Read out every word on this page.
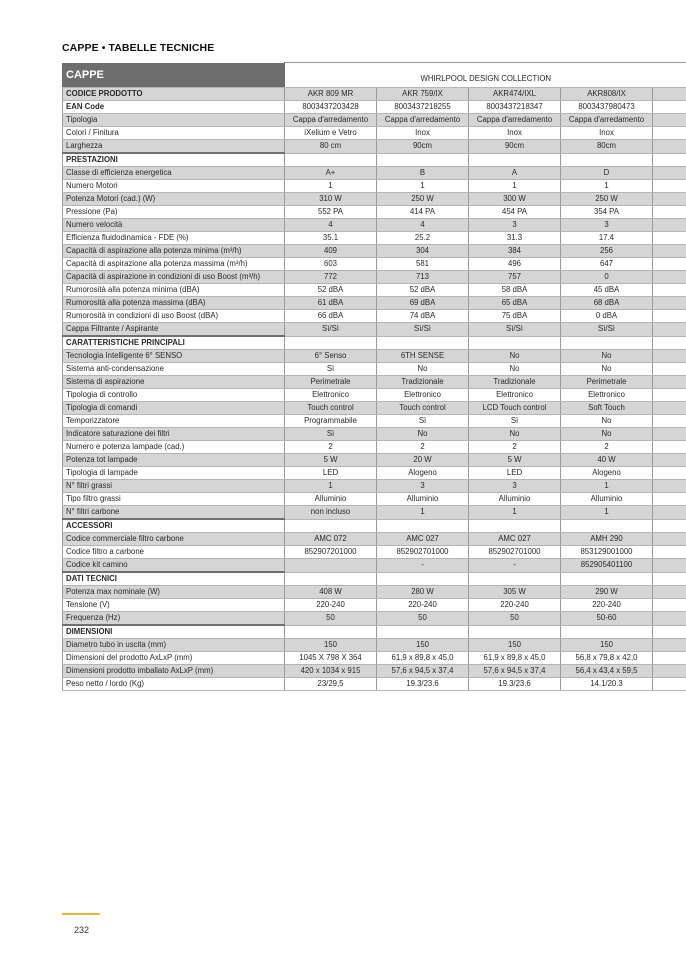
CAPPE • TABELLE TECNICHE
CAPPE	WHIRLPOOL DESIGN COLLECTION				
CODICE PRODOTTO	AKR 809 MR	AKR 759/IX	AKR474/IXL	AKR808/IX	
EAN Code	8003437203428	8003437218255	8003437218347	8003437980473	
Tipologia	Cappa d'arredamento	Cappa d'arredamento	Cappa d'arredamento	Cappa d'arredamento	
Colori / Finitura	iXelium e Vetro	Inox	Inox	Inox	
Larghezza	80 cm	90cm	90cm	80cm	
PRESTAZIONI					
Classe di efficienza energetica	A+	B	A	D	
Numero Motori	1	1	1	1	
Potenza Motori (cad.) (W)	310 W	250 W	300 W	250 W	
Pressione (Pa)	552 PA	414 PA	454 PA	354 PA	
Numero velocità	4	4	3	3	
Efficienza fluidodinamica - FDE (%)	35.1	25.2	31.3	17.4	
Capacità di aspirazione alla potenza minima (m³/h)	409	304	384	256	
Capacità di aspirazione alla potenza massima (m³/h)	603	581	496	647	
Capacità di aspirazione in condizioni di uso Boost (m³/h)	772	713	757	0	
Rumorosità alla potenza minima (dBA)	52 dBA	52 dBA	58 dBA	45 dBA	
Rumorosità alla potenza massima (dBA)	61 dBA	69 dBA	65 dBA	68 dBA	
Rumorosità in condizioni di uso Boost (dBA)	66 dBA	74 dBA	75 dBA	0 dBA	
Cappa Filtrante / Aspirante	Sì/Sì	Sì/Sì	Sì/Sì	Sì/Sì	
CARATTERISTICHE PRINCIPALI					
Tecnologia Intelligente 6° SENSO	6° Senso	6TH SENSE	No	No	
Sistema anti-condensazione	Sì	No	No	No	
Sistema di aspirazione	Perimetrale	Tradizionale	Tradizionale	Perimetrale	
Tipologia di controllo	Elettronico	Elettronico	Elettronico	Elettronico	
Tipologia di comandi	Touch control	Touch control	LCD Touch control	Soft Touch	
Temporizzatore	Programmabile	Sì	Sì	No	
Indicatore saturazione dei filtri	Sì	No	No	No	
Numero e potenza lampade (cad.)	2	2	2	2	
Potenza tot lampade	5 W	20 W	5 W	40 W	
Tipologia di lampade	LED	Alogeno	LED	Alogeno	
N° filtri grassi	1	3	3	1	
Tipo filtro grassi	Alluminio	Alluminio	Alluminio	Alluminio	
N° filtri carbone	non incluso	1	1	1	
ACCESSORI					
Codice commerciale filtro carbone	AMC 072	AMC 027	AMC 027	AMH 290	
Codice filtro a carbone	852907201000	852902701000	852902701000	853129001000	
Codice kit camino		-	-	852905401100	
DATI TECNICI					
Potenza max nominale (W)	408 W	280 W	305 W	290 W	
Tensione (V)	220-240	220-240	220-240	220-240	
Frequenza (Hz)	50	50	50	50-60	
DIMENSIONI					
Diametro tubo in uscita (mm)	150	150	150	150	
Dimensioni del prodotto AxLxP (mm)	1045 X 798 X 364	61,9 x 89,8 x 45,0	61,9 x 89,8 x 45,0	56,8 x 79,8 x 42,0	
Dimensioni prodotto imballato AxLxP (mm)	420 x 1034 x 915	57,6 x 94,5 x 37,4	57,6 x 94,5 x 37,4	56,4 x 43,4 x 59,5	
Peso netto / lordo (Kg)	23/29,5	19.3/23.6	19.3/23.6	14.1/20.3	
232
